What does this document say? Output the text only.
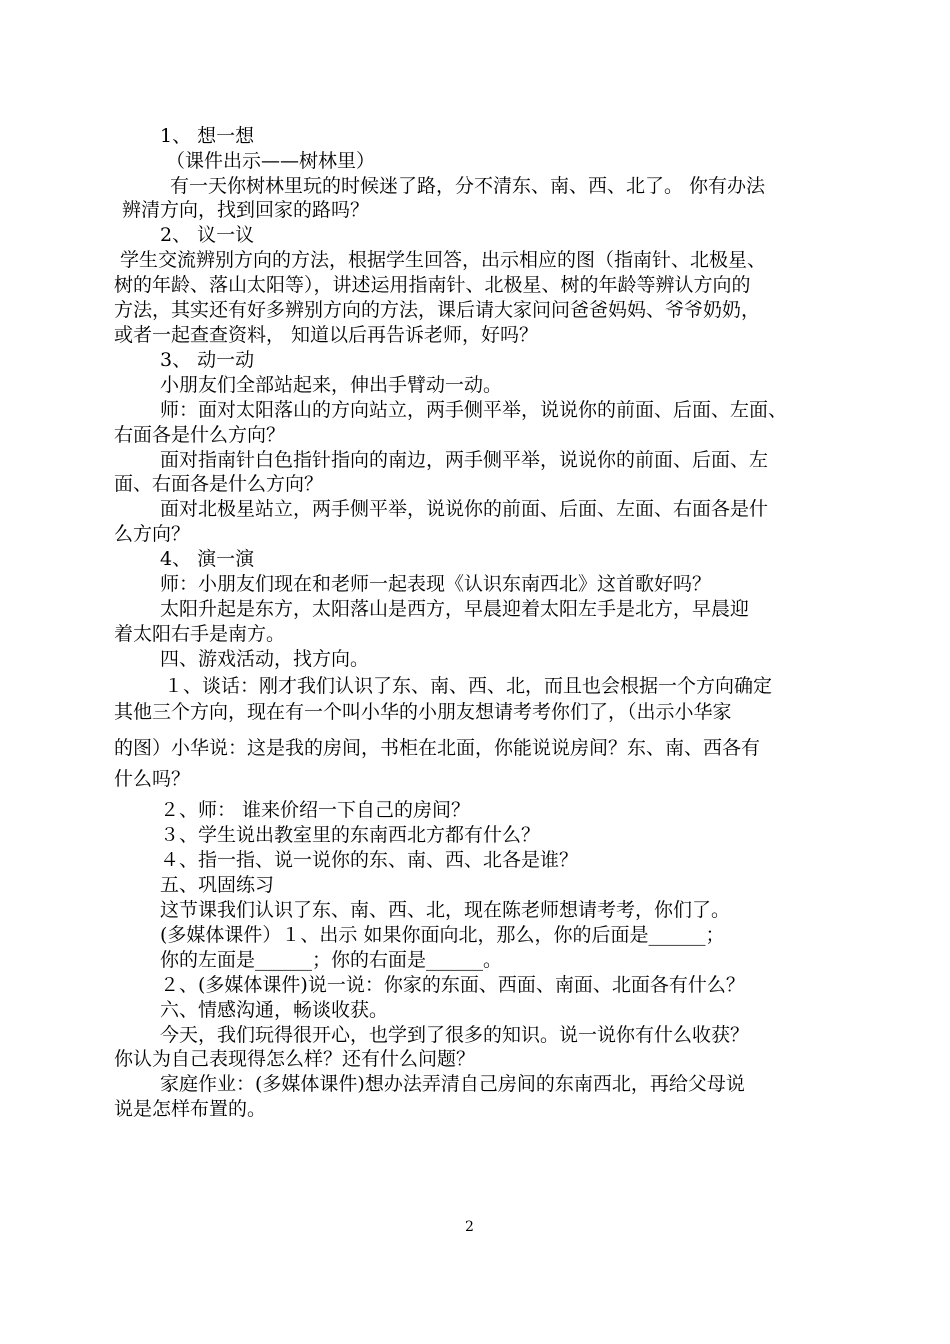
1、 想一想

（课件出示——树林里）

有一天你树林里玩的时候迷了路，分不清东、南、西、北了。 你有办法

辨清方向，找到回家的路吗？

2、 议一议

学生交流辨别方向的方法，根据学生回答，出示相应的图（指南针、北极星、

树的年龄、落山太阳等），讲述运用指南针、北极星、树的年龄等辨认方向的

方法，其实还有好多辨别方向的方法，课后请大家问问爸爸妈妈、爷爷奶奶，

或者一起查查资料， 知道以后再告诉老师，好吗？

3、 动一动

小朋友们全部站起来，伸出手臂动一动。

师：面对太阳落山的方向站立，两手侧平举，说说你的前面、后面、左面、

右面各是什么方向？

面对指南针白色指针指向的南边，两手侧平举，说说你的前面、后面、左

面、右面各是什么方向？

面对北极星站立，两手侧平举，说说你的前面、后面、左面、右面各是什

么方向？

4、 演一演

师：小朋友们现在和老师一起表现《认识东南西北》这首歌好吗？

太阳升起是东方，太阳落山是西方，早晨迎着太阳左手是北方，早晨迎

着太阳右手是南方。

四、游戏活动，找方向。

１、谈话：刚才我们认识了东、南、西、北，而且也会根据一个方向确定

其他三个方向，现在有一个叫小华的小朋友想请考考你们了，（出示小华家

的图）小华说：这是我的房间，书柜在北面，你能说说房间？东、南、西各有

什么吗？

２、师： 谁来价绍一下自己的房间？

３、学生说出教室里的东南西北方都有什么？

４、指一指、说一说你的东、南、西、北各是谁？

五、巩固练习

这节课我们认识了东、南、西、北，现在陈老师想请考考，你们了。

(多媒体课件）１、出示 如果你面向北，那么，你的后面是______；

你的左面是______；你的右面是______。

２、(多媒体课件)说一说：你家的东面、西面、南面、北面各有什么？

六、情感沟通，畅谈收获。

今天，我们玩得很开心，也学到了很多的知识。说一说你有什么收获？

你认为自己表现得怎么样？还有什么问题？

家庭作业：(多媒体课件)想办法弄清自己房间的东南西北，再给父母说

说是怎样布置的。

2
